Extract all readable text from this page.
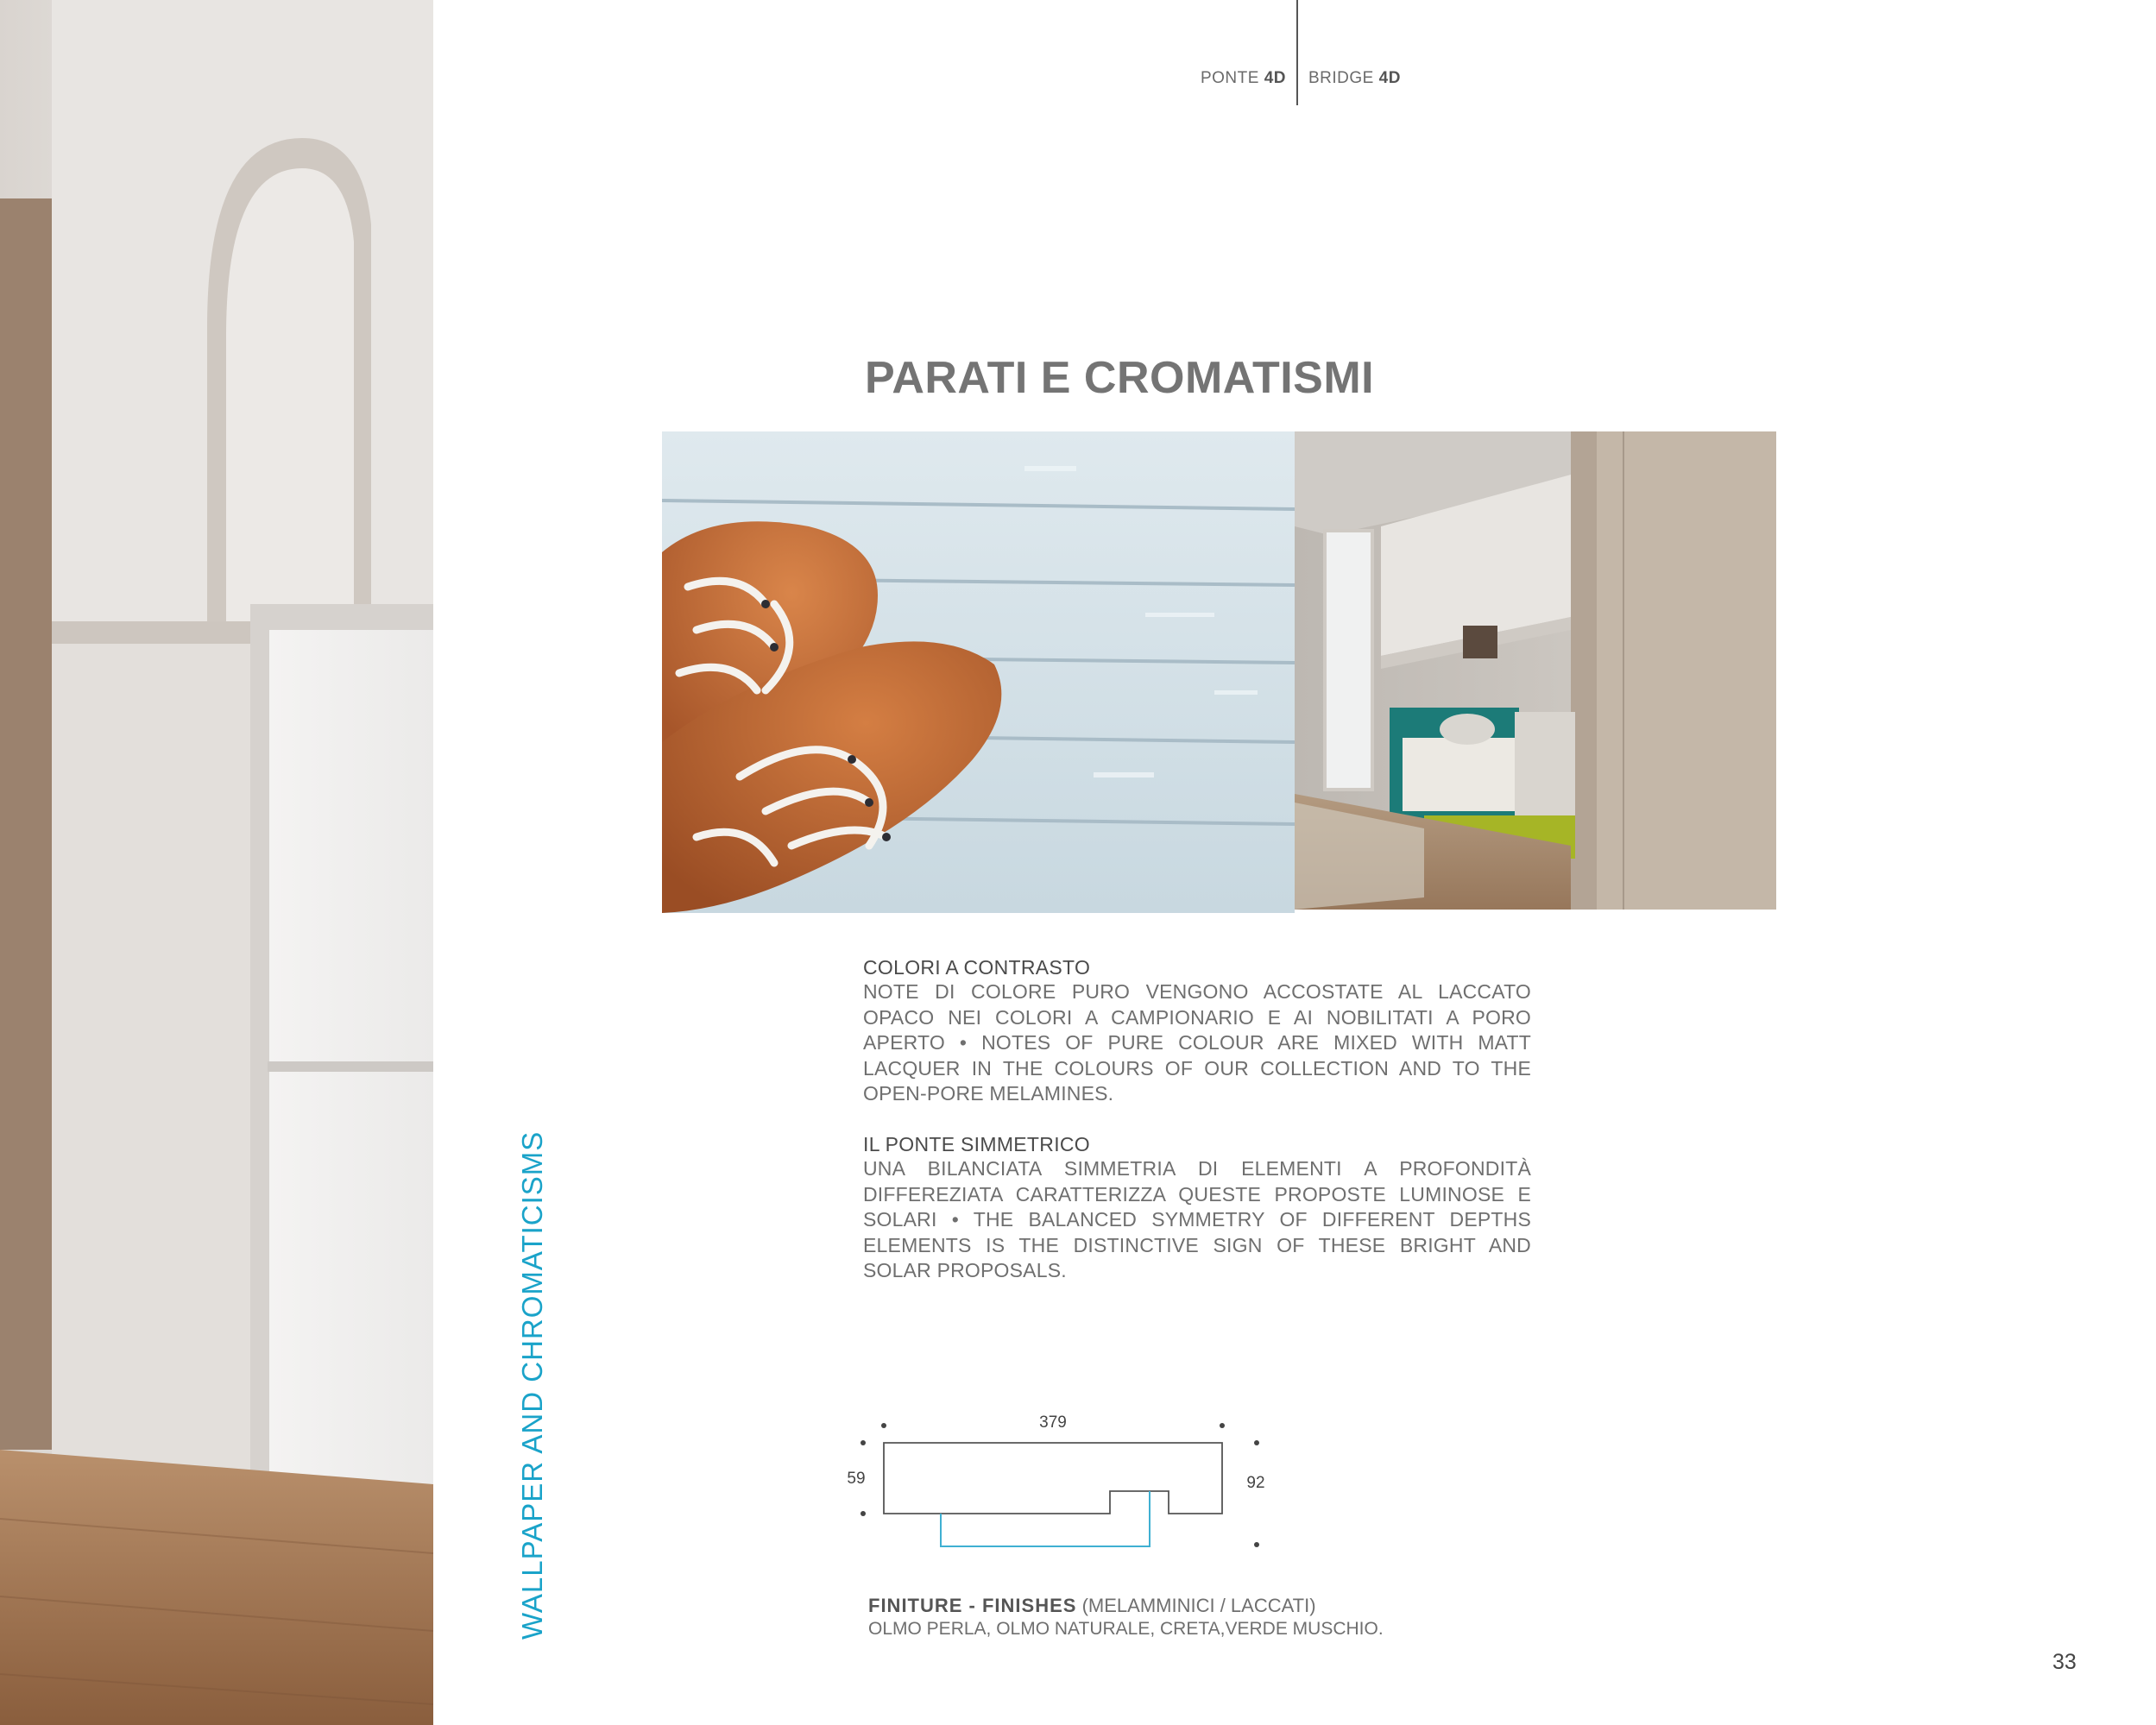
PONTE 4D BRIDGE 4D
PARATI E CROMATISMI
COLORI A CONTRASTO

NOTE DI COLORE PURO VENGONO ACCOSTATE AL LACCATO OPACO NEI COLORI A CAMPIONARIO E AI NOBILITATI A PORO APERTO • NOTES OF PURE COLOUR ARE MIXED WITH MATT LACQUER IN THE COLOURS OF OUR COLLECTION AND TO THE OPEN-PORE MELAMINES.

IL PONTE SIMMETRICO

UNA BILANCIATA SIMMETRIA DI ELEMENTI A PROFONDITÀ DIFFEREZIATA CARATTERIZZA QUESTE PROPOSTE LUMINOSE E SOLARI • THE BALANCED SYMMETRY OF DIFFERENT DEPTHS ELEMENTS IS THE DISTINCTIVE SIGN OF THESE BRIGHT AND SOLAR PROPOSALS.

WALLPAPER AND CHROMATICISMS	379
59	92
FINITURE - FINISHES (MELAMMINICI / LACCATI)
OLMO PERLA, OLMO NATURALE, CRETA,VERDE MUSCHIO.
33
